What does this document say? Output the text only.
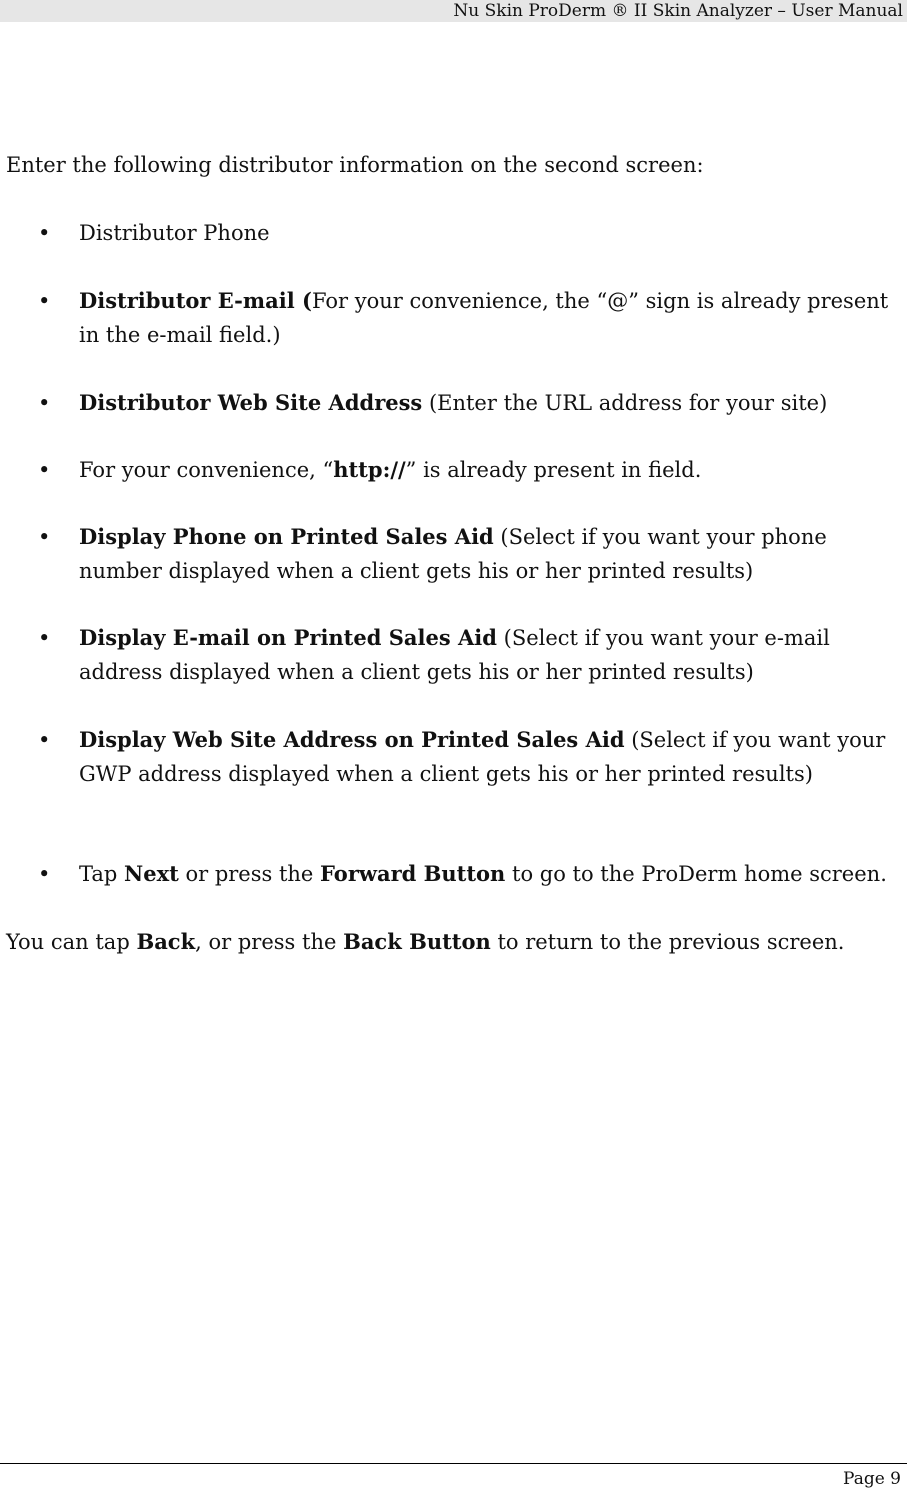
Nu Skin ProDerm ® II Skin Analyzer – User Manual
Enter the following distributor information on the second screen:
• Distributor Phone
• Distributor E-mail (For your convenience, the “@” sign is already present in the e-mail field.)
• Distributor Web Site Address (Enter the URL address for your site)
• For your convenience, “http://” is already present in field.
• Display Phone on Printed Sales Aid (Select if you want your phone number displayed when a client gets his or her printed results)
• Display E-mail on Printed Sales Aid (Select if you want your e-mail address displayed when a client gets his or her printed results)
• Display Web Site Address on Printed Sales Aid (Select if you want your GWP address displayed when a client gets his or her printed results)
• Tap Next or press the Forward Button to go to the ProDerm home screen.
You can tap Back, or press the Back Button to return to the previous screen.
Page 9
